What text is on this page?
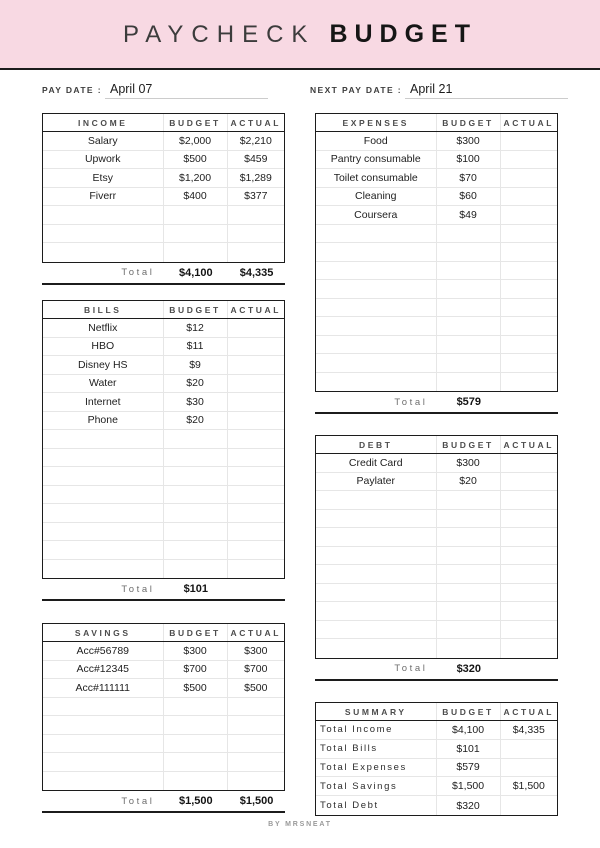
PAYCHECK BUDGET
PAY DATE : April 07	NEXT PAY DATE : April 21
INCOME	BUDGET	ACTUAL
Salary	$2,000	$2,210
Upwork	$500	$459
Etsy	$1,200	$1,289
Fiverr	$400	$377
Total	$4,100	$4,335
BILLS	BUDGET	ACTUAL
Netflix	$12
HBO	$11
Disney HS	$9
Water	$20
Internet	$30
Phone	$20
Total	$101
SAVINGS	BUDGET	ACTUAL
Acc#56789	$300	$300
Acc#12345	$700	$700
Acc#111111	$500	$500
Total	$1,500	$1,500
EXPENSES	BUDGET	ACTUAL
Food	$300
Pantry consumable	$100
Toilet consumable	$70
Cleaning	$60
Coursera	$49
Total	$579
DEBT	BUDGET	ACTUAL
Credit Card	$300
Paylater	$20
Total	$320
SUMMARY	BUDGET	ACTUAL
Total Income	$4,100	$4,335
Total Bills	$101
Total Expenses	$579
Total Savings	$1,500	$1,500
Total Debt	$320
BY MRSNEAT
